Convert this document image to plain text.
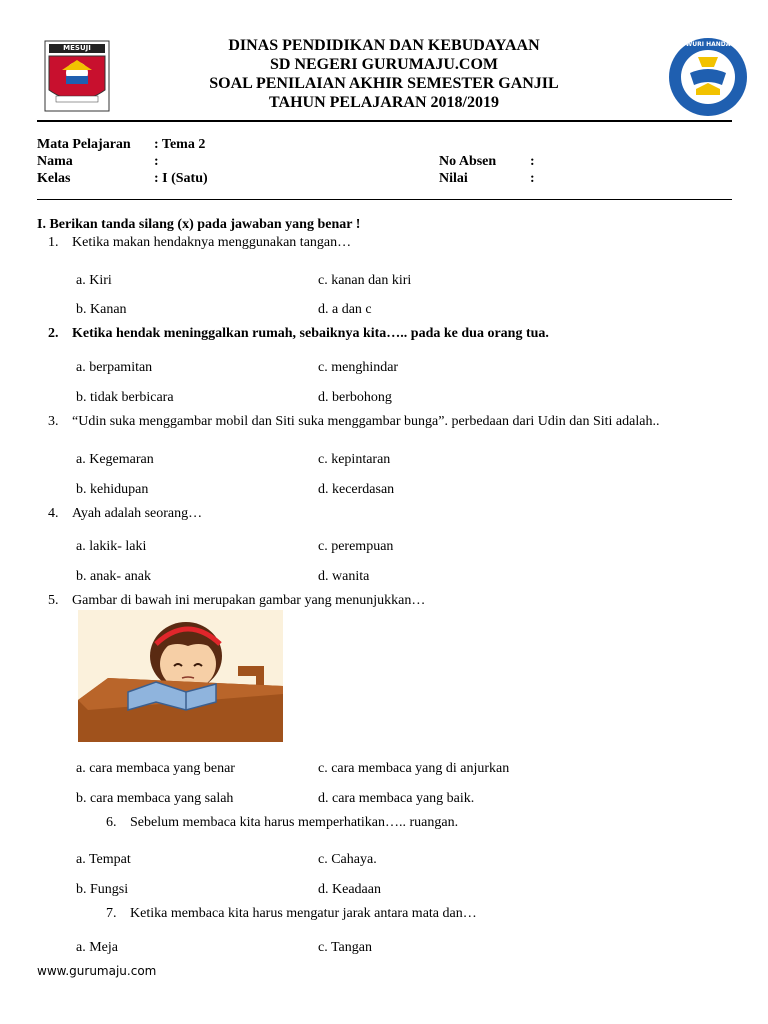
MESUJI	TUT WURI HANDAYANI
DINAS PENDIDIKAN DAN KEBUDAYAAN
SD NEGERI GURUMAJU.COM
SOAL PENILAIAN AKHIR SEMESTER GANJIL
TAHUN PELAJARAN 2018/2019
Mata Pelajaran : Tema 2
Nama	:	No Absen :
Kelas	: I (Satu)	Nilai	:
I. Berikan tanda silang (x) pada jawaban yang benar !
1. Ketika makan hendaknya menggunakan tangan…
a. Kiri	c. kanan dan kiri
b. Kanan	d. a dan c
2. Ketika hendak meninggalkan rumah, sebaiknya kita….. pada ke dua orang tua.
a. berpamitan	c. menghindar
b. tidak berbicara	d. berbohong
3. “Udin suka menggambar mobil dan Siti suka menggambar bunga”. perbedaan dari Udin dan Siti adalah..
a. Kegemaran	c. kepintaran
b. kehidupan	d. kecerdasan
4. Ayah adalah seorang…
a. lakik- laki	c. perempuan
b. anak- anak	d. wanita
5. Gambar di bawah ini merupakan gambar yang menunjukkan…
a. cara membaca yang benar	c. cara membaca yang di anjurkan
b. cara membaca yang salah	d. cara membaca yang baik.
6. Sebelum membaca kita harus memperhatikan….. ruangan.
a. Tempat	c. Cahaya.
b. Fungsi	d. Keadaan
7. Ketika membaca kita harus mengatur jarak antara mata dan…
a. Meja	c. Tangan
www.gurumaju.com
